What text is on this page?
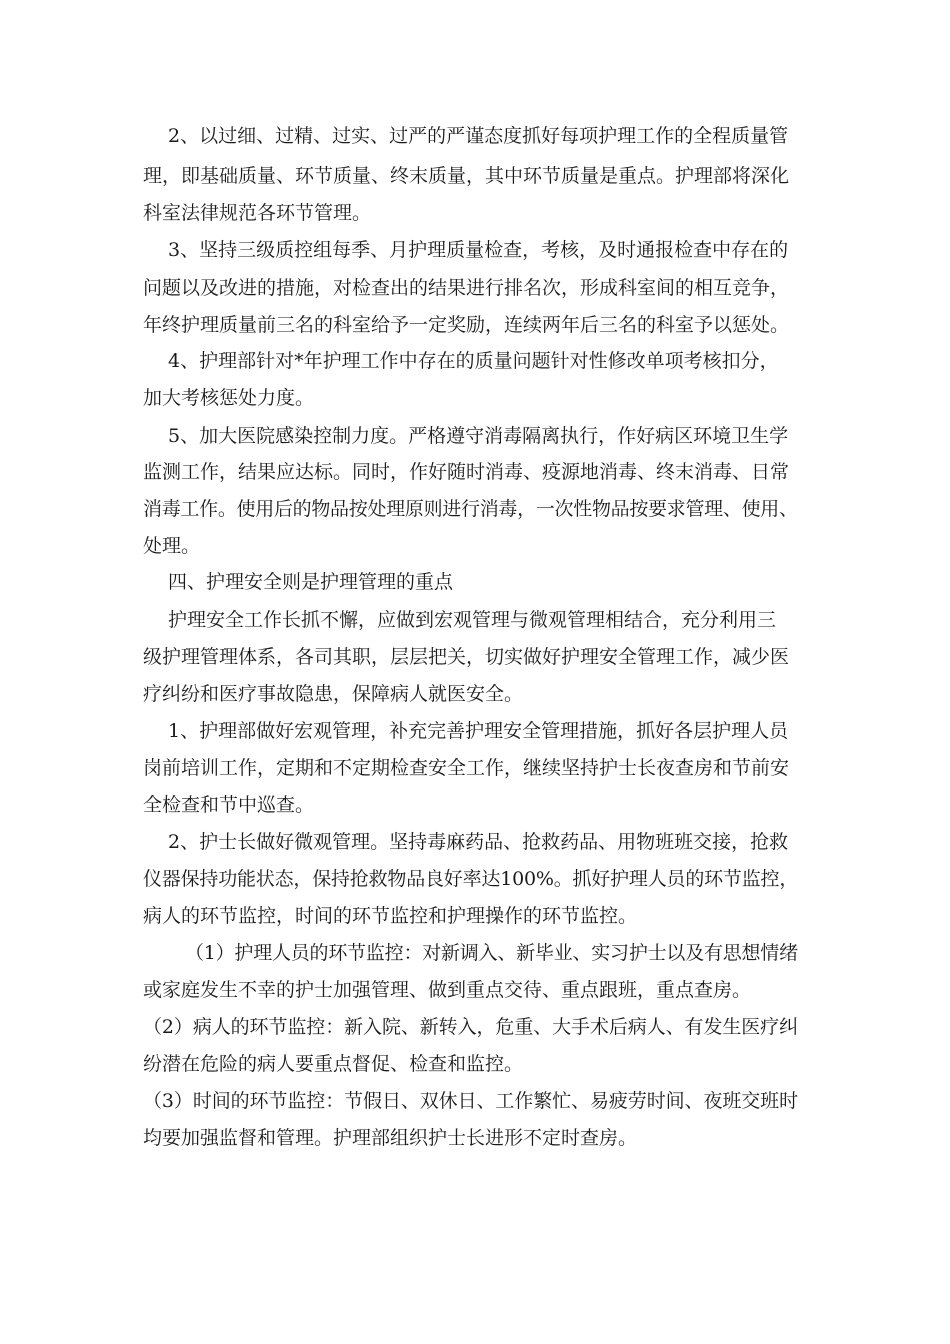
2、以过细、过精、过实、过严的严谨态度抓好每项护理工作的全程质量管
理，即基础质量、环节质量、终末质量，其中环节质量是重点。护理部将深化
科室法律规范各环节管理。
3、坚持三级质控组每季、月护理质量检查，考核，及时通报检查中存在的
问题以及改进的措施，对检查出的结果进行排名次，形成科室间的相互竞争，
年终护理质量前三名的科室给予一定奖励，连续两年后三名的科室予以惩处。
4、护理部针对*年护理工作中存在的质量问题针对性修改单项考核扣分，
加大考核惩处力度。
5、加大医院感染控制力度。严格遵守消毒隔离执行，作好病区环境卫生学
监测工作，结果应达标。同时，作好随时消毒、疫源地消毒、终末消毒、日常
消毒工作。使用后的物品按处理原则进行消毒，一次性物品按要求管理、使用、
处理。
四、护理安全则是护理管理的重点
护理安全工作长抓不懈，应做到宏观管理与微观管理相结合，充分利用三
级护理管理体系，各司其职，层层把关，切实做好护理安全管理工作，减少医
疗纠纷和医疗事故隐患，保障病人就医安全。
1、护理部做好宏观管理，补充完善护理安全管理措施，抓好各层护理人员
岗前培训工作，定期和不定期检查安全工作，继续坚持护士长夜查房和节前安
全检查和节中巡查。
2、护士长做好微观管理。坚持毒麻药品、抢救药品、用物班班交接，抢救
仪器保持功能状态，保持抢救物品良好率达100%。抓好护理人员的环节监控，
病人的环节监控，时间的环节监控和护理操作的环节监控。
（1）护理人员的环节监控：对新调入、新毕业、实习护士以及有思想情绪
或家庭发生不幸的护士加强管理、做到重点交待、重点跟班，重点查房。
（2）病人的环节监控：新入院、新转入，危重、大手术后病人、有发生医疗纠
纷潜在危险的病人要重点督促、检查和监控。
（3）时间的环节监控：节假日、双休日、工作繁忙、易疲劳时间、夜班交班时
均要加强监督和管理。护理部组织护士长进形不定时查房。
